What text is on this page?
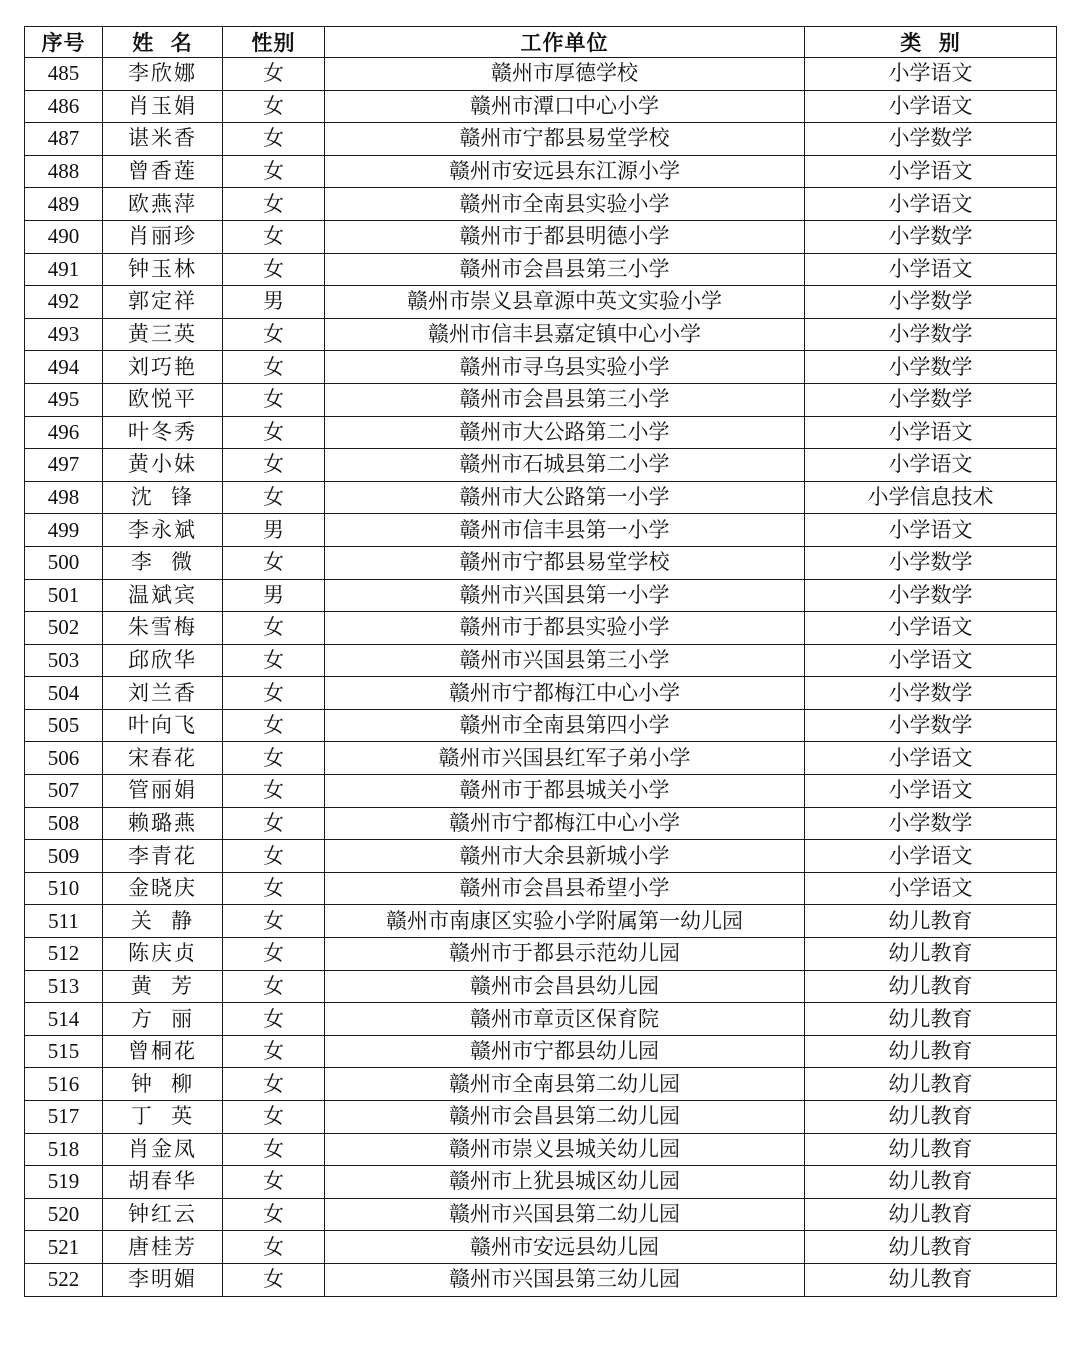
序号	姓  名	性别	工作单位	类  别
485	李欣娜	女	赣州市厚德学校	小学语文
486	肖玉娟	女	赣州市潭口中心小学	小学语文
487	谌米香	女	赣州市宁都县易堂学校	小学数学
488	曾香莲	女	赣州市安远县东江源小学	小学语文
489	欧燕萍	女	赣州市全南县实验小学	小学语文
490	肖丽珍	女	赣州市于都县明德小学	小学数学
491	钟玉林	女	赣州市会昌县第三小学	小学语文
492	郭定祥	男	赣州市崇义县章源中英文实验小学	小学数学
493	黄三英	女	赣州市信丰县嘉定镇中心小学	小学数学
494	刘巧艳	女	赣州市寻乌县实验小学	小学数学
495	欧悦平	女	赣州市会昌县第三小学	小学数学
496	叶冬秀	女	赣州市大公路第二小学	小学语文
497	黄小妹	女	赣州市石城县第二小学	小学语文
498	沈  锋	女	赣州市大公路第一小学	小学信息技术
499	李永斌	男	赣州市信丰县第一小学	小学语文
500	李  微	女	赣州市宁都县易堂学校	小学数学
501	温斌宾	男	赣州市兴国县第一小学	小学数学
502	朱雪梅	女	赣州市于都县实验小学	小学语文
503	邱欣华	女	赣州市兴国县第三小学	小学语文
504	刘兰香	女	赣州市宁都梅江中心小学	小学数学
505	叶向飞	女	赣州市全南县第四小学	小学数学
506	宋春花	女	赣州市兴国县红军子弟小学	小学语文
507	管丽娟	女	赣州市于都县城关小学	小学语文
508	赖璐燕	女	赣州市宁都梅江中心小学	小学数学
509	李青花	女	赣州市大余县新城小学	小学语文
510	金晓庆	女	赣州市会昌县希望小学	小学语文
511	关  静	女	赣州市南康区实验小学附属第一幼儿园	幼儿教育
512	陈庆贞	女	赣州市于都县示范幼儿园	幼儿教育
513	黄  芳	女	赣州市会昌县幼儿园	幼儿教育
514	方  丽	女	赣州市章贡区保育院	幼儿教育
515	曾桐花	女	赣州市宁都县幼儿园	幼儿教育
516	钟  柳	女	赣州市全南县第二幼儿园	幼儿教育
517	丁  英	女	赣州市会昌县第二幼儿园	幼儿教育
518	肖金凤	女	赣州市崇义县城关幼儿园	幼儿教育
519	胡春华	女	赣州市上犹县城区幼儿园	幼儿教育
520	钟红云	女	赣州市兴国县第二幼儿园	幼儿教育
521	唐桂芳	女	赣州市安远县幼儿园	幼儿教育
522	李明媚	女	赣州市兴国县第三幼儿园	幼儿教育
